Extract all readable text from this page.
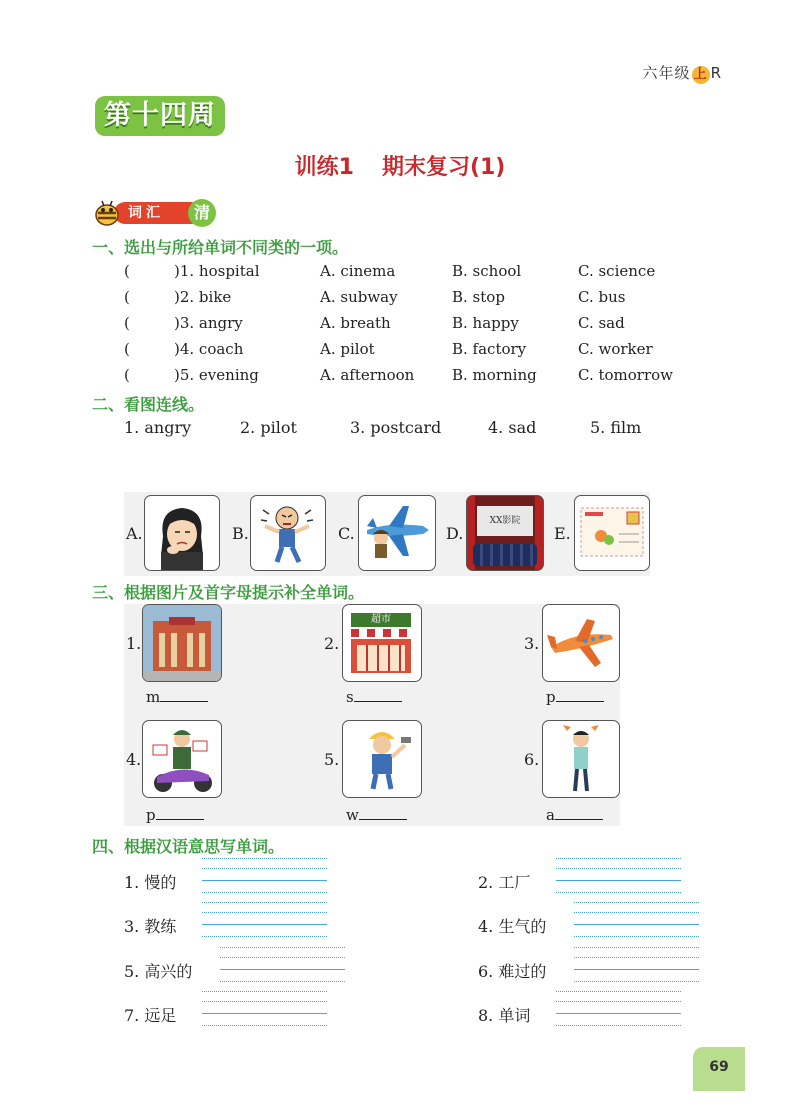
六年级 上 R
第十四周
训练1 期末复习(1)
词汇	清
一、选出与所给单词不同类的一项。
(	)1. hospital	A. cinema	B. school	C. science
(	)2. bike	A. subway	B. stop	C. bus
(	)3. angry	A. breath	B. happy	C. sad
(	)4. coach	A. pilot	B. factory	C. worker
(	)5. evening	A. afternoon	B. morning	C. tomorrow
二、看图连线。
1. angry	2. pilot	3. postcard	4. sad	5. film
A.	B.	C.	D.
XX影院
E.
三、根据图片及首字母提示补全单词。
1.	2.
超市
3.
m	s	p
4.	5.	6.
p	w	a
四、根据汉语意思写单词。
1. 慢的	2. 工厂
3. 教练	4. 生气的
5. 高兴的	6. 难过的
7. 远足	8. 单词
69
